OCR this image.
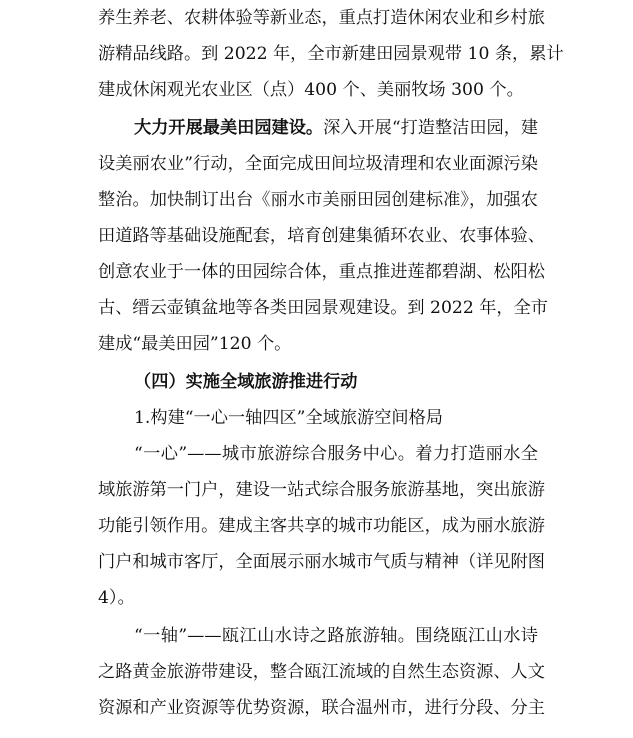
养生养老、农耕体验等新业态，重点打造休闲农业和乡村旅
游精品线路。到 2022 年，全市新建田园景观带 10 条，累计
建成休闲观光农业区（点）400 个、美丽牧场 300 个。
大力开展最美田园建设。深入开展“打造整洁田园，建
设美丽农业”行动，全面完成田间垃圾清理和农业面源污染
整治。加快制订出台《丽水市美丽田园创建标准》，加强农
田道路等基础设施配套，培育创建集循环农业、农事体验、
创意农业于一体的田园综合体，重点推进莲都碧湖、松阳松
古、缙云壶镇盆地等各类田园景观建设。到 2022 年，全市
建成“最美田园”120 个。
（四）实施全域旅游推进行动
1.构建“一心一轴四区”全域旅游空间格局
“一心”——城市旅游综合服务中心。着力打造丽水全
域旅游第一门户，建设一站式综合服务旅游基地，突出旅游
功能引领作用。建成主客共享的城市功能区，成为丽水旅游
门户和城市客厅，全面展示丽水城市气质与精神（详见附图
4）。
“一轴”——瓯江山水诗之路旅游轴。围绕瓯江山水诗
之路黄金旅游带建设，整合瓯江流域的自然生态资源、人文
资源和产业资源等优势资源，联合温州市，进行分段、分主
